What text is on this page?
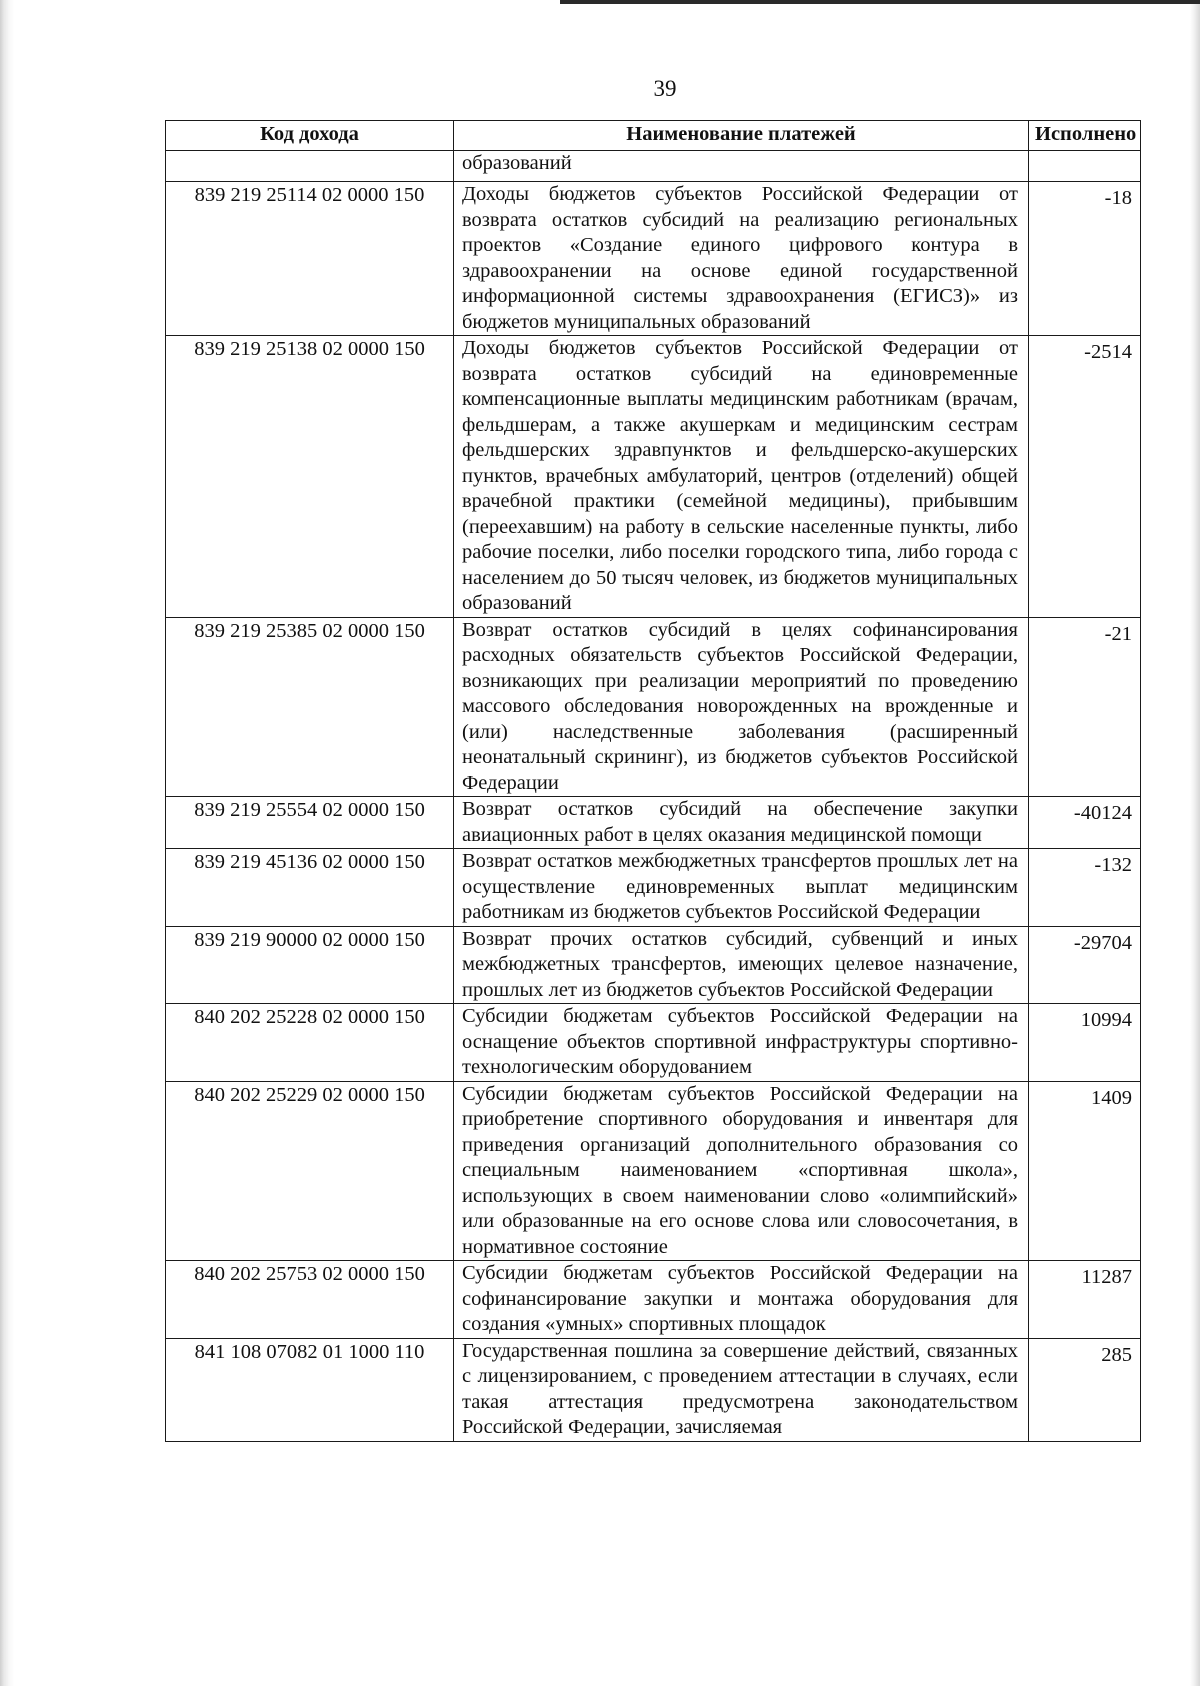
39
Код дохода	Наименование платежей	Исполнено
	образований	
839 219 25114 02 0000 150	Доходы бюджетов субъектов Российской Федерации от возврата остатков субсидий на реализацию региональных проектов «Создание единого цифрового контура в здравоохранении на основе единой государственной информационной системы здравоохранения (ЕГИСЗ)» из бюджетов муниципальных образований	-18
839 219 25138 02 0000 150	Доходы бюджетов субъектов Российской Федерации от возврата остатков субсидий на единовременные компенсационные выплаты медицинским работникам (врачам, фельдшерам, а также акушеркам и медицинским сестрам фельдшерских здравпунктов и фельдшерско-акушерских пунктов, врачебных амбулаторий, центров (отделений) общей врачебной практики (семейной медицины), прибывшим (переехавшим) на работу в сельские населенные пункты, либо рабочие поселки, либо поселки городского типа, либо города с населением до 50 тысяч человек, из бюджетов муниципальных образований	-2514
839 219 25385 02 0000 150	Возврат остатков субсидий в целях софинансирования расходных обязательств субъектов Российской Федерации, возникающих при реализации мероприятий по проведению массового обследования новорожденных на врожденные и (или) наследственные заболевания (расширенный неонатальный скрининг), из бюджетов субъектов Российской Федерации	-21
839 219 25554 02 0000 150	Возврат остатков субсидий на обеспечение закупки авиационных работ в целях оказания медицинской помощи	-40124
839 219 45136 02 0000 150	Возврат остатков межбюджетных трансфертов прошлых лет на осуществление единовременных выплат медицинским работникам из бюджетов субъектов Российской Федерации	-132
839 219 90000 02 0000 150	Возврат прочих остатков субсидий, субвенций и иных межбюджетных трансфертов, имеющих целевое назначение, прошлых лет из бюджетов субъектов Российской Федерации	-29704
840 202 25228 02 0000 150	Субсидии бюджетам субъектов Российской Федерации на оснащение объектов спортивной инфраструктуры спортивно-технологическим оборудованием	10994
840 202 25229 02 0000 150	Субсидии бюджетам субъектов Российской Федерации на приобретение спортивного оборудования и инвентаря для приведения организаций дополнительного образования со специальным наименованием «спортивная школа», использующих в своем наименовании слово «олимпийский» или образованные на его основе слова или словосочетания, в нормативное состояние	1409
840 202 25753 02 0000 150	Субсидии бюджетам субъектов Российской Федерации на софинансирование закупки и монтажа оборудования для создания «умных» спортивных площадок	11287
841 108 07082 01 1000 110	Государственная пошлина за совершение действий, связанных с лицензированием, с проведением аттестации в случаях, если такая аттестация предусмотрена законодательством Российской Федерации, зачисляемая	285
